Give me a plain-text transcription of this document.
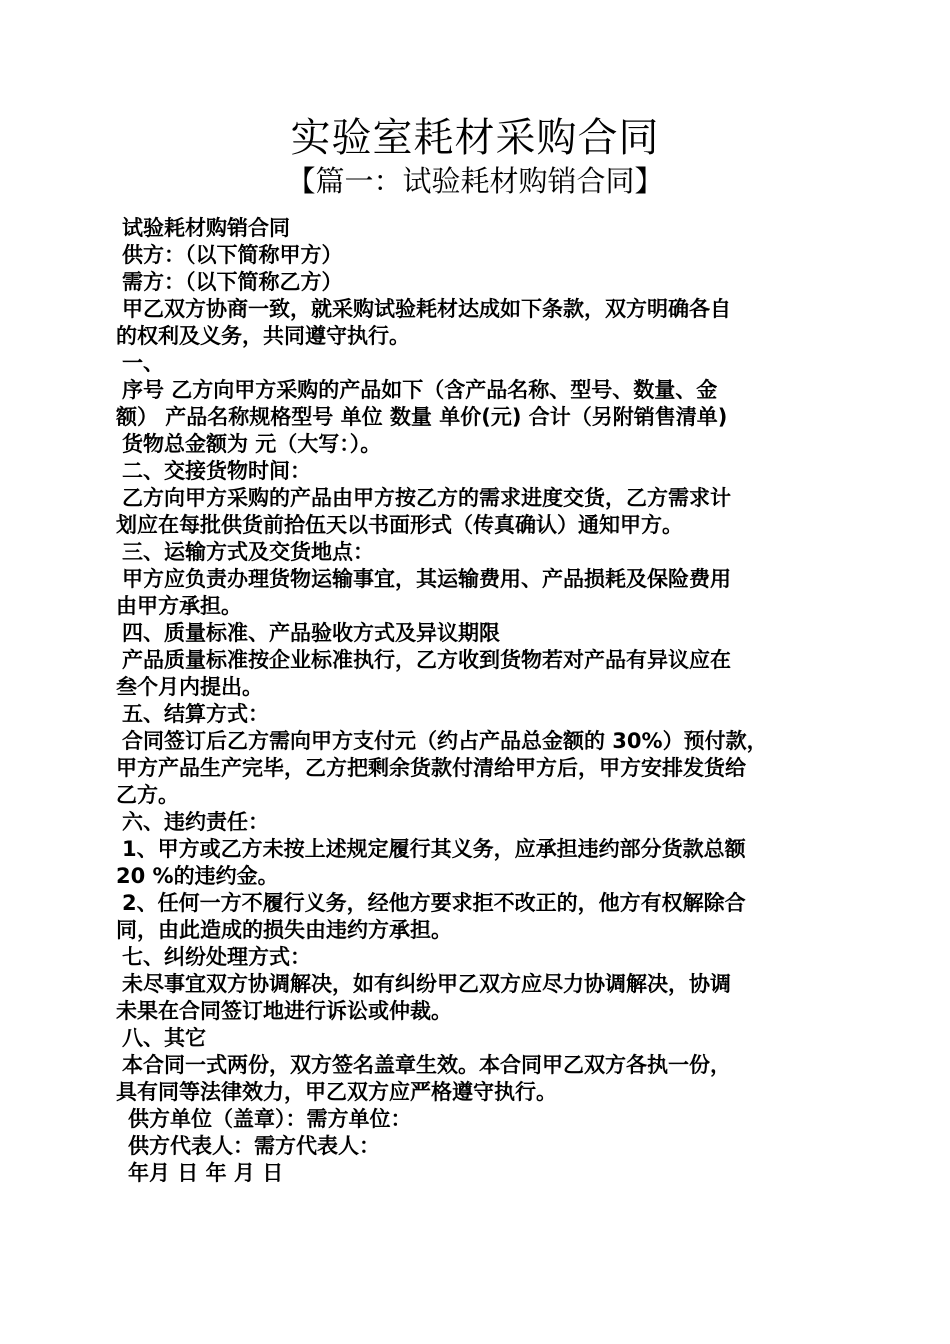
实验室耗材采购合同
【篇一：试验耗材购销合同】
试验耗材购销合同
供方：（以下简称甲方）
需方：（以下简称乙方）
甲乙双方协商一致，就采购试验耗材达成如下条款，双方明确各自
的权利及义务，共同遵守执行。
一、
序号 乙方向甲方采购的产品如下（含产品名称、型号、数量、金
额） 产品名称规格型号 单位 数量 单价(元) 合计（另附销售清单)
货物总金额为 元（大写：）。
二、交接货物时间：
乙方向甲方采购的产品由甲方按乙方的需求进度交货，乙方需求计
划应在每批供货前拾伍天以书面形式（传真确认）通知甲方。
三、运输方式及交货地点：
甲方应负责办理货物运输事宜，其运输费用、产品损耗及保险费用
由甲方承担。
四、质量标准、产品验收方式及异议期限
产品质量标准按企业标准执行，乙方收到货物若对产品有异议应在
叁个月内提出。
五、结算方式：
合同签订后乙方需向甲方支付元（约占产品总金额的 30%）预付款，
甲方产品生产完毕，乙方把剩余货款付清给甲方后，甲方安排发货给
乙方。
六、违约责任：
1、甲方或乙方未按上述规定履行其义务，应承担违约部分货款总额
20 %的违约金。
2、任何一方不履行义务，经他方要求拒不改正的，他方有权解除合
同，由此造成的损失由违约方承担。
七、纠纷处理方式：
未尽事宜双方协调解决，如有纠纷甲乙双方应尽力协调解决，协调
未果在合同签订地进行诉讼或仲裁。
八、其它
本合同一式两份，双方签名盖章生效。本合同甲乙双方各执一份，
具有同等法律效力，甲乙双方应严格遵守执行。
供方单位（盖章）：需方单位：
供方代表人：需方代表人：
年月 日 年 月 日
